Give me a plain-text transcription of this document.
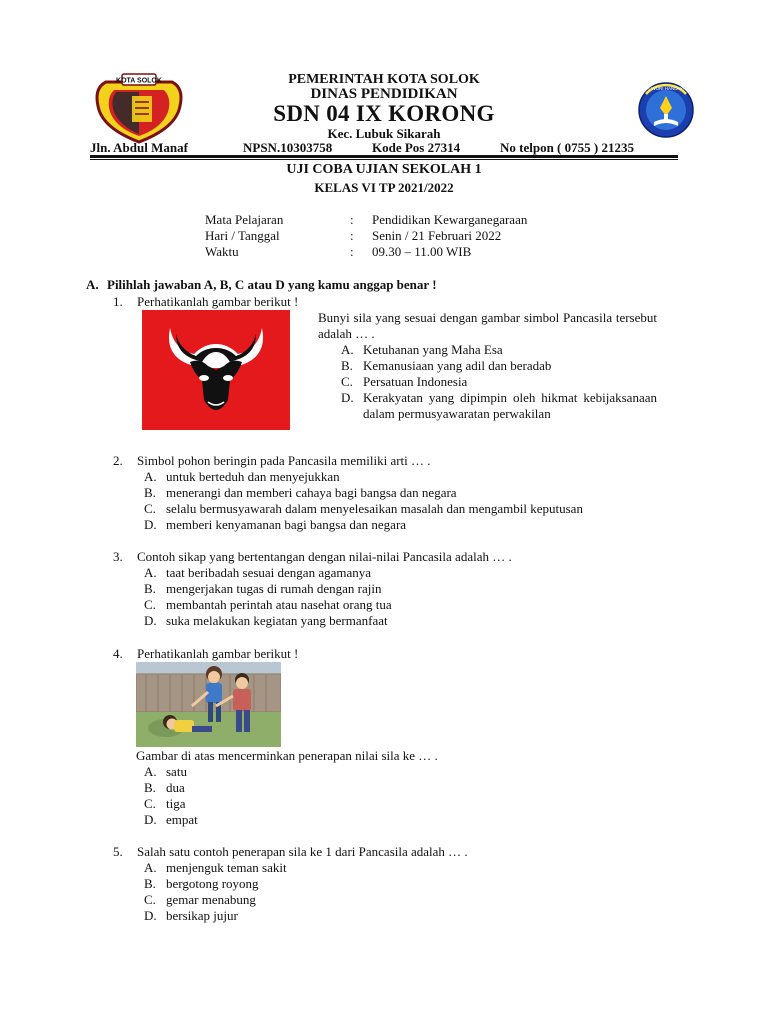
KOTA SOLOK	PEMERINTAH KOTA SOLOK
DINAS PENDIDIKAN
SDN 04 IX KORONG
Kec. Lubuk Sikarah
TUT WURI HANDAYANI
Jln. Abdul Manaf	NPSN.10303758	Kode Pos 27314	No telpon ( 0755 ) 21235
UJI COBA UJIAN SEKOLAH 1
KELAS VI TP 2021/2022
Mata Pelajaran	:	Pendidikan Kewarganegaraan
Hari / Tanggal	:	Senin / 21 Februari 2022
Waktu	:	09.30 – 11.00 WIB
A. Pilihlah jawaban A, B, C atau D yang kamu anggap benar !
1. Perhatikanlah gambar berikut !
Bunyi sila yang sesuai dengan gambar simbol Pancasila tersebut adalah … .
A. Ketuhanan yang Maha Esa
B. Kemanusiaan yang adil dan beradab
C. Persatuan Indonesia
D. Kerakyatan yang dipimpin oleh hikmat kebijaksanaan dalam permusyawaratan perwakilan
2. Simbol pohon beringin pada Pancasila memiliki arti … .
A. untuk berteduh dan menyejukkan
B. menerangi dan memberi cahaya bagi bangsa dan negara
C. selalu bermusyawarah dalam menyelesaikan masalah dan mengambil keputusan
D. memberi kenyamanan bagi bangsa dan negara
3. Contoh sikap yang bertentangan dengan nilai-nilai Pancasila adalah … .
A. taat beribadah sesuai dengan agamanya
B. mengerjakan tugas di rumah dengan rajin
C. membantah perintah atau nasehat orang tua
D. suka melakukan kegiatan yang bermanfaat
4. Perhatikanlah gambar berikut !
Gambar di atas mencerminkan penerapan nilai sila ke … .
A. satu
B. dua
C. tiga
D. empat
5. Salah satu contoh penerapan sila ke 1 dari Pancasila adalah … .
A. menjenguk teman sakit
B. bergotong royong
C. gemar menabung
D. bersikap jujur
